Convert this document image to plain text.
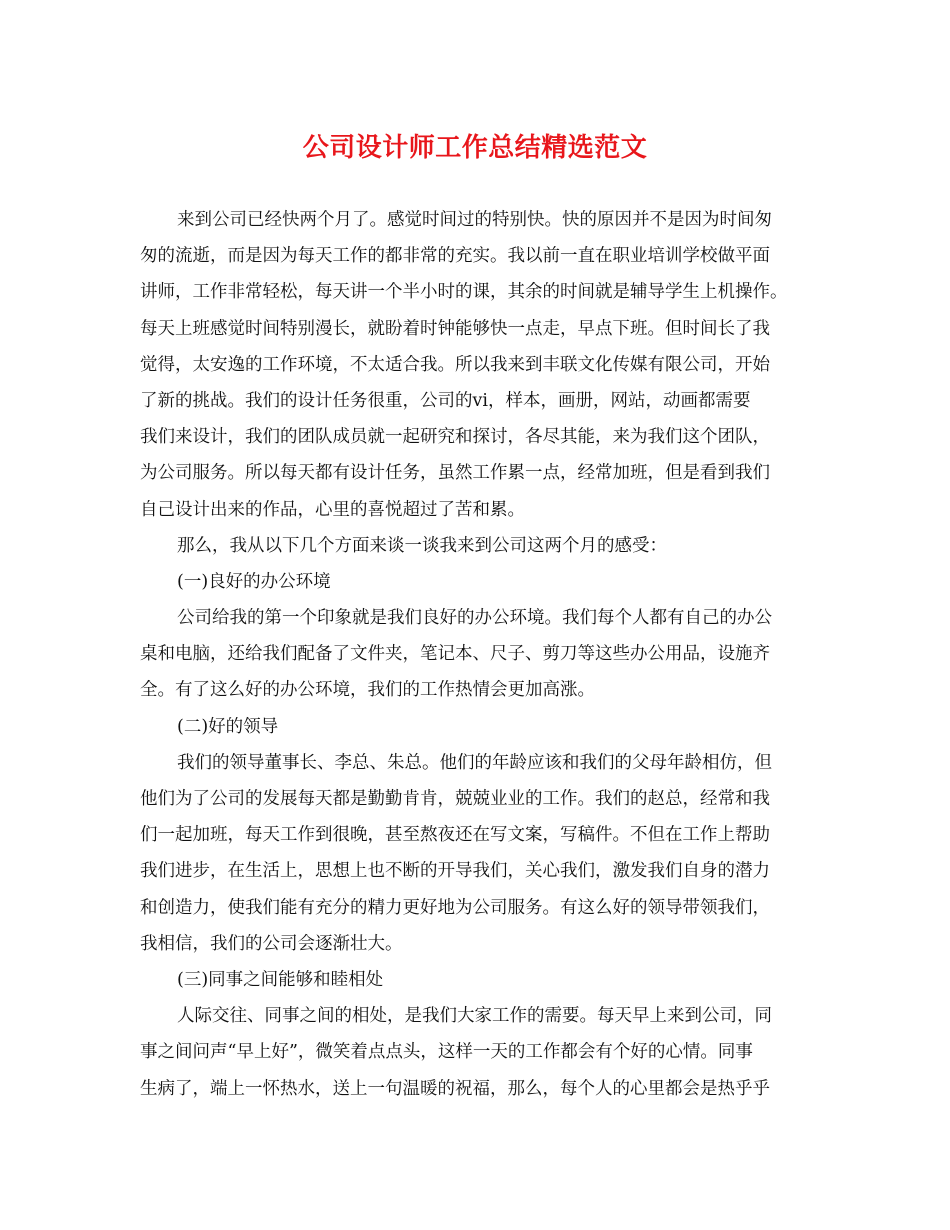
公司设计师工作总结精选范文
来到公司已经快两个月了。感觉时间过的特别快。快的原因并不是因为时间匆
匆的流逝，而是因为每天工作的都非常的充实。我以前一直在职业培训学校做平面
讲师，工作非常轻松，每天讲一个半小时的课，其余的时间就是辅导学生上机操作。
每天上班感觉时间特别漫长，就盼着时钟能够快一点走，早点下班。但时间长了我
觉得，太安逸的工作环境，不太适合我。所以我来到丰联文化传媒有限公司，开始
了新的挑战。我们的设计任务很重，公司的vi，样本，画册，网站，动画都需要
我们来设计，我们的团队成员就一起研究和探讨，各尽其能，来为我们这个团队，
为公司服务。所以每天都有设计任务，虽然工作累一点，经常加班，但是看到我们
自己设计出来的作品，心里的喜悦超过了苦和累。
那么，我从以下几个方面来谈一谈我来到公司这两个月的感受：
(一)良好的办公环境
公司给我的第一个印象就是我们良好的办公环境。我们每个人都有自己的办公
桌和电脑，还给我们配备了文件夹，笔记本、尺子、剪刀等这些办公用品，设施齐
全。有了这么好的办公环境，我们的工作热情会更加高涨。
(二)好的领导
我们的领导董事长、李总、朱总。他们的年龄应该和我们的父母年龄相仿，但
他们为了公司的发展每天都是勤勤肯肯，兢兢业业的工作。我们的赵总，经常和我
们一起加班，每天工作到很晚，甚至熬夜还在写文案，写稿件。不但在工作上帮助
我们进步，在生活上，思想上也不断的开导我们，关心我们，激发我们自身的潜力
和创造力，使我们能有充分的精力更好地为公司服务。有这么好的领导带领我们，
我相信，我们的公司会逐渐壮大。
(三)同事之间能够和睦相处
人际交往、同事之间的相处，是我们大家工作的需要。每天早上来到公司，同
事之间问声“早上好”，微笑着点点头，这样一天的工作都会有个好的心情。同事
生病了，端上一怀热水，送上一句温暖的祝福，那么，每个人的心里都会是热乎乎
